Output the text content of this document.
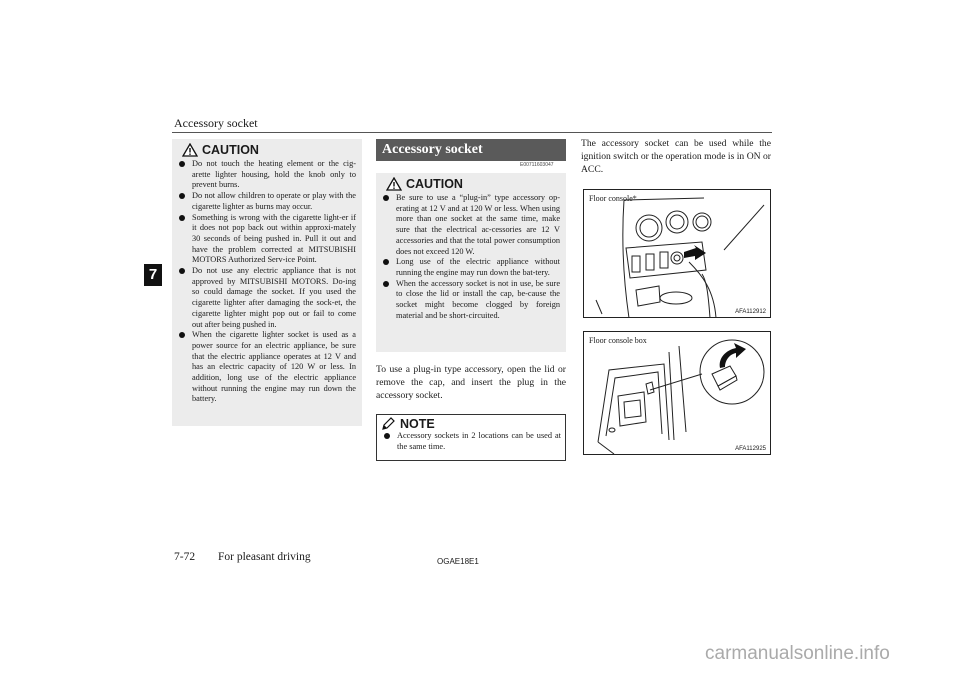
Accessory socket
7
CAUTION
Do not touch the heating element or the cig-arette lighter housing, hold the knob only to prevent burns.
Do not allow children to operate or play with the cigarette lighter as burns may occur.
Something is wrong with the cigarette light-er if it does not pop back out within approxi-mately 30 seconds of being pushed in. Pull it out and have the problem corrected at MITSUBISHI MOTORS Authorized Serv-ice Point.
Do not use any electric appliance that is not approved by MITSUBISHI MOTORS. Do-ing so could damage the socket. If you used the cigarette lighter after damaging the sock-et, the cigarette lighter might pop out or fail to come out after being pushed in.
When the cigarette lighter socket is used as a power source for an electric appliance, be sure that the electric appliance operates at 12 V and has an electric capacity of 120 W or less. In addition, long use of the electric appliance without running the engine may run down the battery.
Accessory socket
E00711603047
CAUTION
Be sure to use a “plug-in” type accessory op-erating at 12 V and at 120 W or less. When using more than one socket at the same time, make sure that the electrical ac-cessories are 12 V accessories and that the total power consumption does not exceed 120 W.
Long use of the electric appliance without running the engine may run down the bat-tery.
When the accessory socket is not in use, be sure to close the lid or install the cap, be-cause the socket might become clogged by foreign material and be short-circuited.
To use a plug-in type accessory, open the lid or remove the cap, and insert the plug in the accessory socket.
NOTE
Accessory sockets in 2 locations can be used at the same time.
The accessory socket can be used while the ignition switch or the operation mode is in ON or ACC.
Floor console*
AFA112912
Floor console box
AFA112925
7-72 For pleasant driving	OGAE18E1
carmanualsonline.info
